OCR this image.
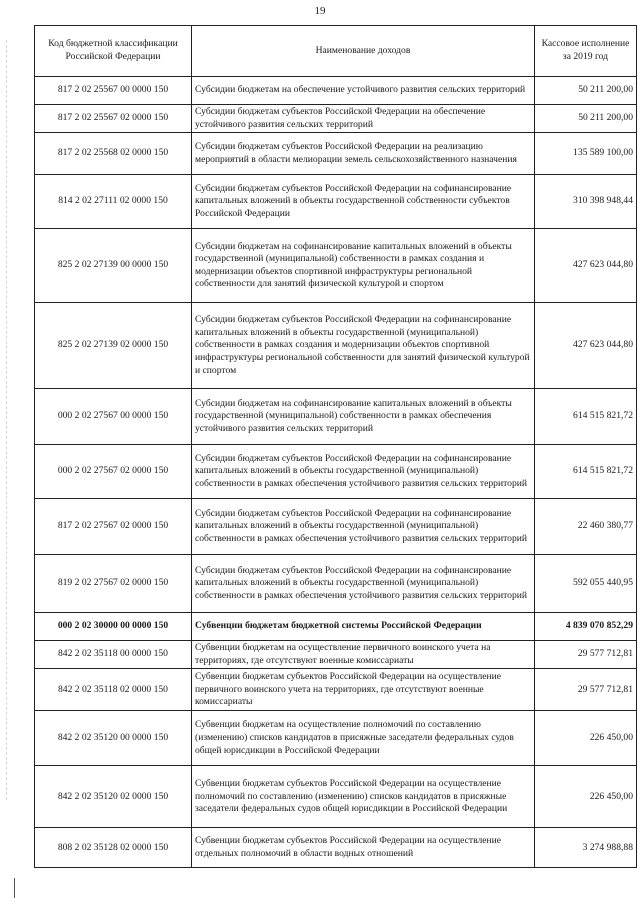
19
Код бюджетной классификации Российской Федерации	Наименование доходов	Кассовое исполнение за 2019 год
817 2 02 25567 00 0000 150	Субсидии бюджетам на обеспечение устойчивого развития сельских территорий	50 211 200,00
817 2 02 25567 02 0000 150	Субсидии бюджетам субъектов Российской Федерации на обеспечение устойчивого развития сельских территорий	50 211 200,00
817 2 02 25568 02 0000 150	Субсидии бюджетам субъектов Российской Федерации на реализацию мероприятий в области мелиорации земель сельскохозяйственного назначения	135 589 100,00
814 2 02 27111 02 0000 150	Субсидии бюджетам субъектов Российской Федерации на софинансирование капитальных вложений в объекты государственной собственности субъектов Российской Федерации	310 398 948,44
825 2 02 27139 00 0000 150	Субсидии бюджетам на софинансирование капитальных вложений в объекты государственной (муниципальной) собственности в рамках создания и модернизации объектов спортивной инфраструктуры региональной собственности для занятий физической культурой и спортом	427 623 044,80
825 2 02 27139 02 0000 150	Субсидии бюджетам субъектов Российской Федерации на софинансирование капитальных вложений в объекты государственной (муниципальной) собственности в рамках создания и модернизации объектов спортивной инфраструктуры региональной собственности для занятий физической культурой и спортом	427 623 044,80
000 2 02 27567 00 0000 150	Субсидии бюджетам на софинансирование капитальных вложений в объекты государственной (муниципальной) собственности в рамках обеспечения устойчивого развития сельских территорий	614 515 821,72
000 2 02 27567 02 0000 150	Субсидии бюджетам субъектов Российской Федерации на софинансирование капитальных вложений в объекты государственной (муниципальной) собственности в рамках обеспечения устойчивого развития сельских территорий	614 515 821,72
817 2 02 27567 02 0000 150	Субсидии бюджетам субъектов Российской Федерации на софинансирование капитальных вложений в объекты государственной (муниципальной) собственности в рамках обеспечения устойчивого развития сельских территорий	22 460 380,77
819 2 02 27567 02 0000 150	Субсидии бюджетам субъектов Российской Федерации на софинансирование капитальных вложений в объекты государственной (муниципальной) собственности в рамках обеспечения устойчивого развития сельских территорий	592 055 440,95
000 2 02 30000 00 0000 150	Субвенции бюджетам бюджетной системы Российской Федерации	4 839 070 852,29
842 2 02 35118 00 0000 150	Субвенции бюджетам на осуществление первичного воинского учета на территориях, где отсутствуют военные комиссариаты	29 577 712,81
842 2 02 35118 02 0000 150	Субвенции бюджетам субъектов Российской Федерации на осуществление первичного воинского учета на территориях, где отсутствуют военные комиссариаты	29 577 712,81
842 2 02 35120 00 0000 150	Субвенции бюджетам на осуществление полномочий по составлению (изменению) списков кандидатов в присяжные заседатели федеральных судов общей юрисдикции в Российской Федерации	226 450,00
842 2 02 35120 02 0000 150	Субвенции бюджетам субъектов Российской Федерации на осуществление полномочий по составлению (изменению) списков кандидатов в присяжные заседатели федеральных судов общей юрисдикции в Российской Федерации	226 450,00
808 2 02 35128 02 0000 150	Субвенции бюджетам субъектов Российской Федерации на осуществление отдельных полномочий в области водных отношений	3 274 988,88
